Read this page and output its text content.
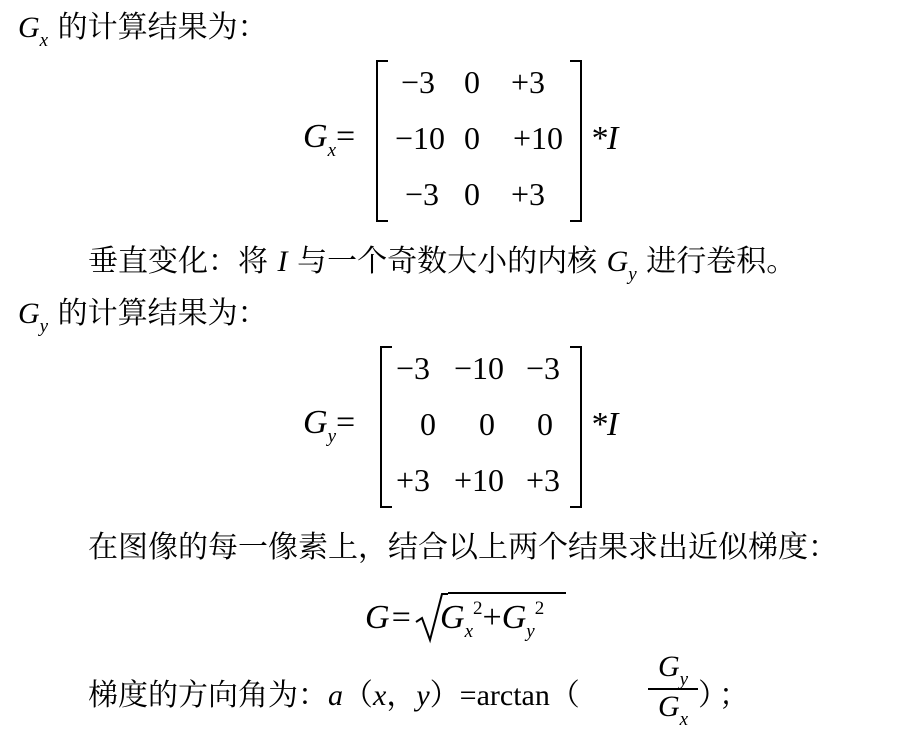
$G_x$ 的计算结果为：
$G_x=$
−3 0 +3
−10 0	+10
−3 0 +3
*I
垂直变化：将 I 与一个奇数大小的内核 $G_y$ 进行卷积。
$G_y$ 的计算结果为：
$G_y=$
−3 −10 −3
0	0	0
+3 +10 +3
*I
在图像的每一像素上，结合以上两个结果求出近似梯度：
$G= G_x^2+G_y^2$
梯度的方向角为：a（x，y）=arctan（
$G_y$
$G_x$
） ；
